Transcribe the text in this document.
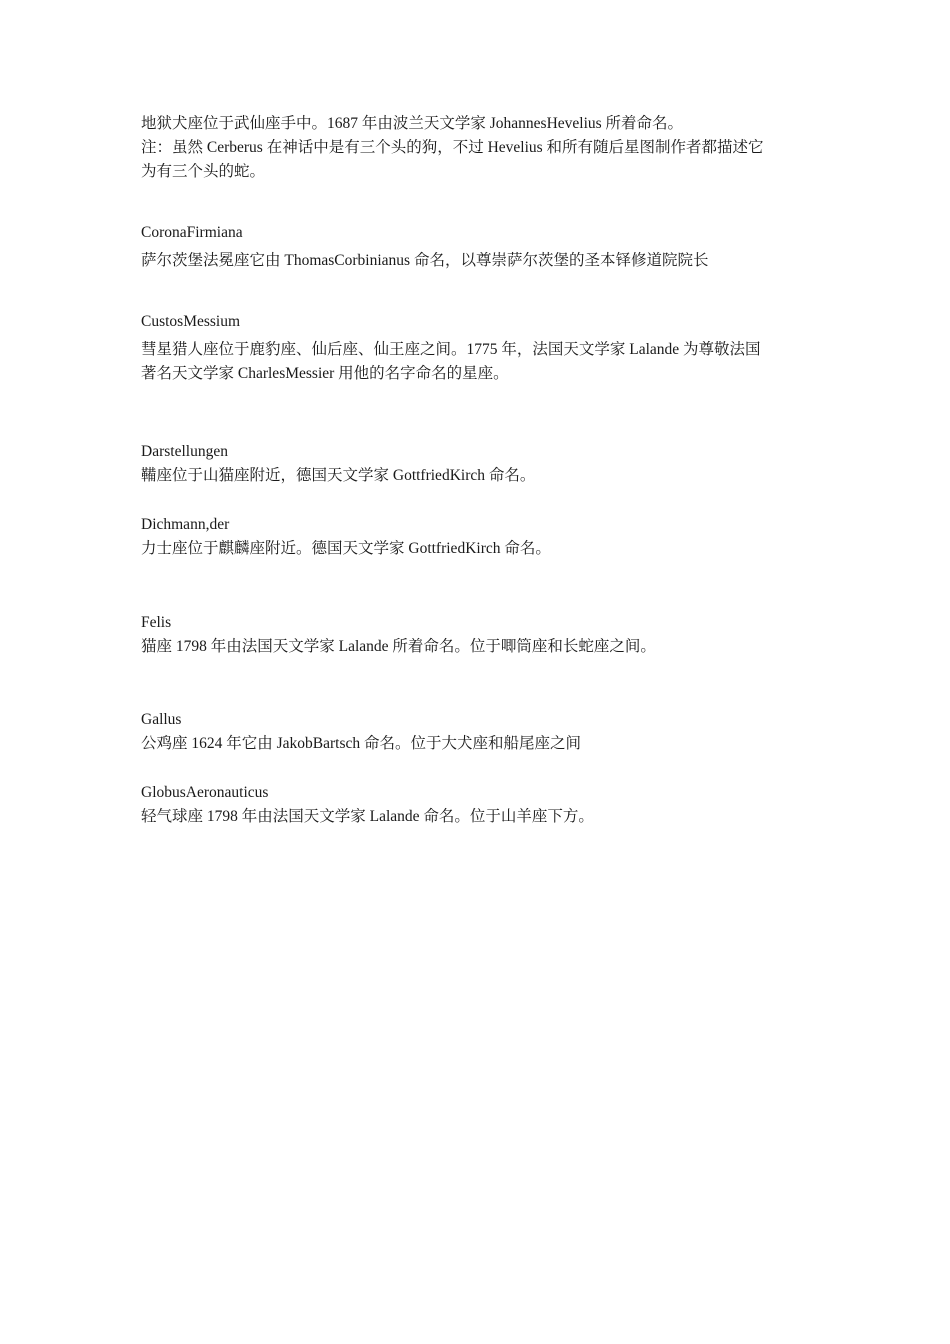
地狱犬座位于武仙座手中。1687 年由波兰天文学家 JohannesHevelius 所着命名。
注：虽然 Cerberus 在神话中是有三个头的狗，不过 Hevelius 和所有随后星图制作者都描述它
为有三个头的蛇。
CoronaFirmiana
萨尔茨堡法冕座它由 ThomasCorbinianus 命名，以尊崇萨尔茨堡的圣本铎修道院院长
CustosMessium
彗星猎人座位于鹿豹座、仙后座、仙王座之间。1775 年，法国天文学家 Lalande 为尊敬法国
著名天文学家 CharlesMessier 用他的名字命名的星座。
Darstellungen
鞴座位于山猫座附近，德国天文学家 GottfriedKirch 命名。
Dichmann,der
力士座位于麒麟座附近。德国天文学家 GottfriedKirch 命名。
Felis
猫座 1798 年由法国天文学家 Lalande 所着命名。位于唧筒座和长蛇座之间。
Gallus
公鸡座 1624 年它由 JakobBartsch 命名。位于大犬座和船尾座之间
GlobusAeronauticus
轻气球座 1798 年由法国天文学家 Lalande 命名。位于山羊座下方。
